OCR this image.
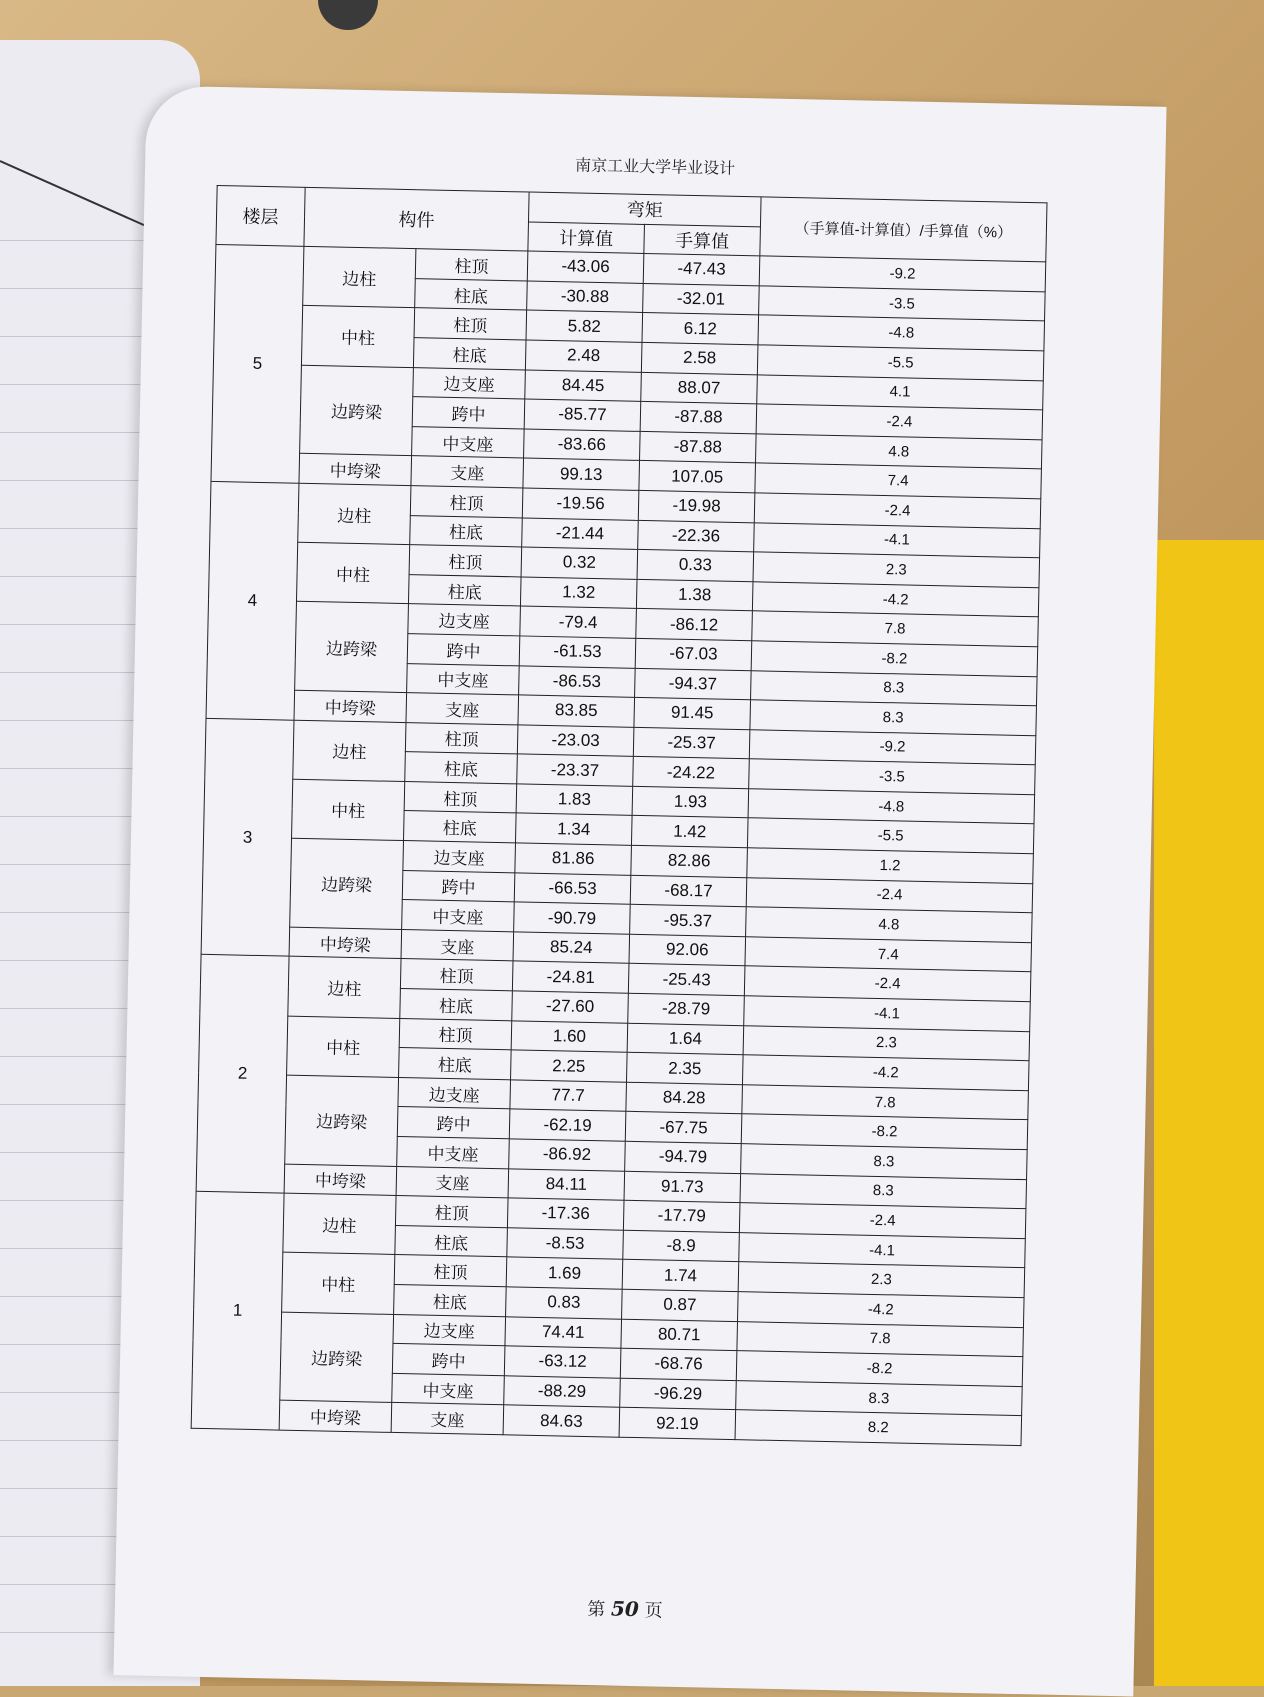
南京工业大学毕业设计
楼层	构件		弯矩		（手算值-计算值）/手算值（%）
			计算值	手算值	

5	边柱	柱顶	-43.06	-47.43	-9.2
		柱底	-30.88	-32.01	-3.5
	中柱	柱顶	5.82	6.12	-4.8
		柱底	2.48	2.58	-5.5
	边跨梁	边支座	84.45	88.07	4.1
		跨中	-85.77	-87.88	-2.4
		中支座	-83.66	-87.88	4.8
	中垮梁	支座	99.13	107.05	7.4
4	边柱	柱顶	-19.56	-19.98	-2.4
		柱底	-21.44	-22.36	-4.1
	中柱	柱顶	0.32	0.33	2.3
		柱底	1.32	1.38	-4.2
	边跨梁	边支座	-79.4	-86.12	7.8
		跨中	-61.53	-67.03	-8.2
		中支座	-86.53	-94.37	8.3
	中垮梁	支座	83.85	91.45	8.3
3	边柱	柱顶	-23.03	-25.37	-9.2
		柱底	-23.37	-24.22	-3.5
	中柱	柱顶	1.83	1.93	-4.8
		柱底	1.34	1.42	-5.5
	边跨梁	边支座	81.86	82.86	1.2
		跨中	-66.53	-68.17	-2.4
		中支座	-90.79	-95.37	4.8
	中垮梁	支座	85.24	92.06	7.4
2	边柱	柱顶	-24.81	-25.43	-2.4
		柱底	-27.60	-28.79	-4.1
	中柱	柱顶	1.60	1.64	2.3
		柱底	2.25	2.35	-4.2
	边跨梁	边支座	77.7	84.28	7.8
		跨中	-62.19	-67.75	-8.2
		中支座	-86.92	-94.79	8.3
	中垮梁	支座	84.11	91.73	8.3
1	边柱	柱顶	-17.36	-17.79	-2.4
		柱底	-8.53	-8.9	-4.1
	中柱	柱顶	1.69	1.74	2.3
		柱底	0.83	0.87	-4.2
	边跨梁	边支座	74.41	80.71	7.8
		跨中	-63.12	-68.76	-8.2
		中支座	-88.29	-96.29	8.3
	中垮梁	支座	84.63	92.19	8.2
第 50 页
